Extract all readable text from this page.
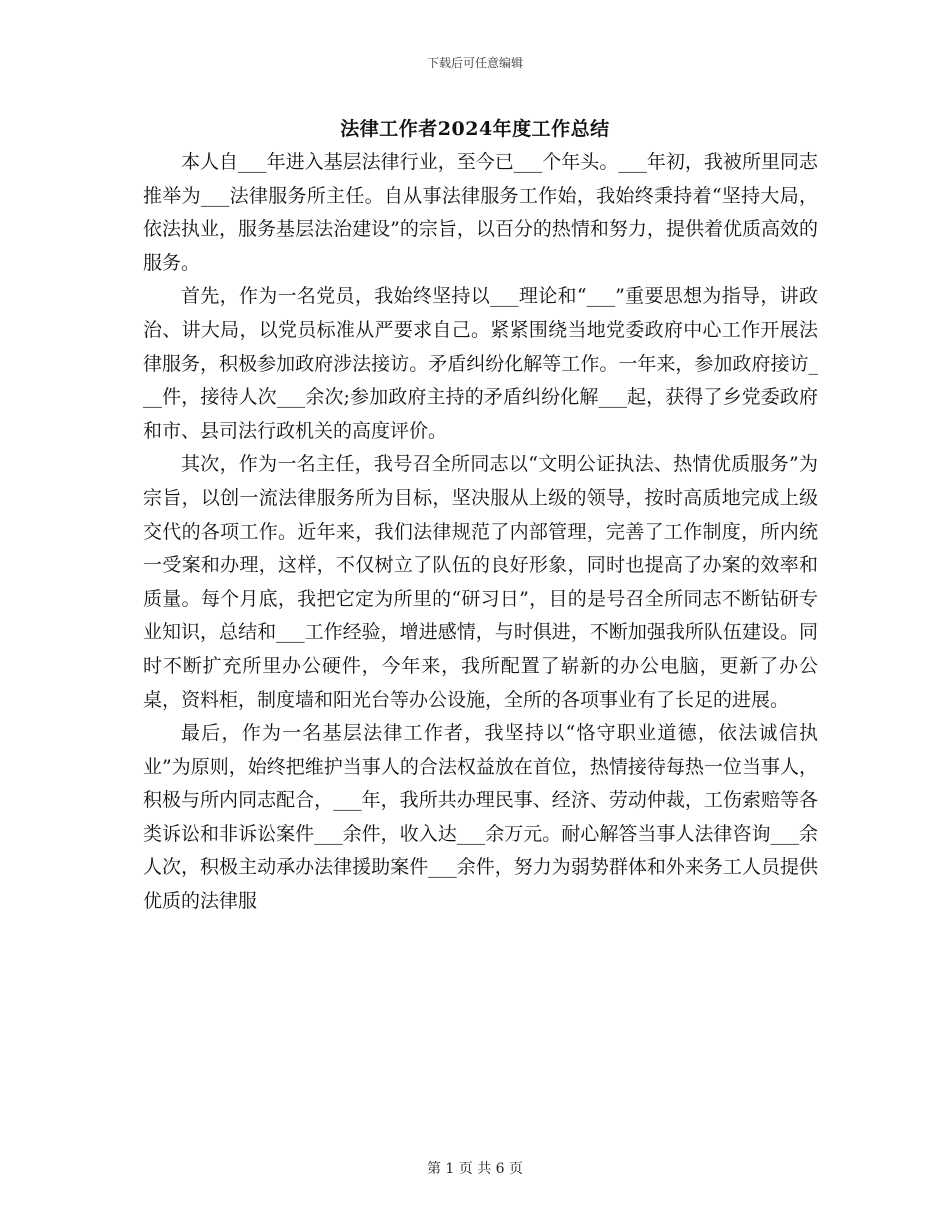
下载后可任意编辑
法律工作者2024年度工作总结

本人自___年进入基层法律行业，至今已___个年头。___年初，我被所里同志推举为___法律服务所主任。自从事法律服务工作始，我始终秉持着“坚持大局，依法执业，服务基层法治建设”的宗旨，以百分的热情和努力，提供着优质高效的服务。

首先，作为一名党员，我始终坚持以___理论和“___”重要思想为指导，讲政治、讲大局，以党员标准从严要求自己。紧紧围绕当地党委政府中心工作开展法律服务，积极参加政府涉法接访。矛盾纠纷化解等工作。一年来，参加政府接访___件，接待人次___余次;参加政府主持的矛盾纠纷化解___起，获得了乡党委政府和市、县司法行政机关的高度评价。

其次，作为一名主任，我号召全所同志以“文明公证执法、热情优质服务”为宗旨，以创一流法律服务所为目标，坚决服从上级的领导，按时高质地完成上级交代的各项工作。近年来，我们法律规范了内部管理，完善了工作制度，所内统一受案和办理，这样，不仅树立了队伍的良好形象，同时也提高了办案的效率和质量。每个月底，我把它定为所里的“研习日”，目的是号召全所同志不断钻研专业知识，总结和___工作经验，增进感情，与时俱进，不断加强我所队伍建设。同时不断扩充所里办公硬件，今年来，我所配置了崭新的办公电脑，更新了办公桌，资料柜，制度墙和阳光台等办公设施，全所的各项事业有了长足的进展。

最后，作为一名基层法律工作者，我坚持以“恪守职业道德，依法诚信执业”为原则，始终把维护当事人的合法权益放在首位，热情接待每热一位当事人，积极与所内同志配合，___年，我所共办理民事、经济、劳动仲裁，工伤索赔等各类诉讼和非诉讼案件___余件，收入达___余万元。耐心解答当事人法律咨询___余人次，积极主动承办法律援助案件___余件，努力为弱势群体和外来务工人员提供优质的法律服

第 1 页 共 6 页
